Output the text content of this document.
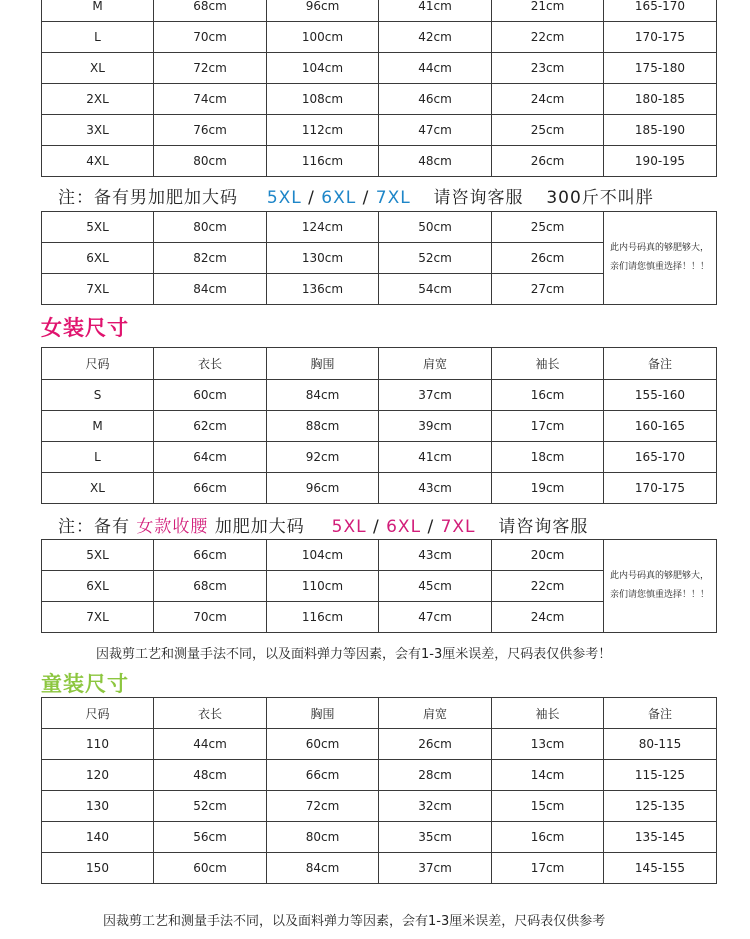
M	68cm	96cm	41cm	21cm	165-170
L	70cm	100cm	42cm	22cm	170-175
XL	72cm	104cm	44cm	23cm	175-180
2XL	74cm	108cm	46cm	24cm	180-185
3XL	76cm	112cm	47cm	25cm	185-190
4XL	80cm	116cm	48cm	26cm	190-195
注：备有男加肥加大码 5XL / 6XL / 7XL 请咨询客服 300斤不叫胖
5XL	80cm	124cm	50cm	25cm	此内号码真的够肥够大，亲们请您慎重选择！！！
6XL	82cm	130cm	52cm	26cm	
7XL	84cm	136cm	54cm	27cm	
女装尺寸
尺码	衣长	胸围	肩宽	袖长	备注
S	60cm	84cm	37cm	16cm	155-160
M	62cm	88cm	39cm	17cm	160-165
L	64cm	92cm	41cm	18cm	165-170
XL	66cm	96cm	43cm	19cm	170-175
注：备有 女款收腰 加肥加大码 5XL / 6XL / 7XL 请咨询客服
5XL	66cm	104cm	43cm	20cm	此内号码真的够肥够大，亲们请您慎重选择！！！
6XL	68cm	110cm	45cm	22cm	
7XL	70cm	116cm	47cm	24cm	
因裁剪工艺和测量手法不同，以及面料弹力等因素，会有1-3厘米误差，尺码表仅供参考！
童装尺寸
尺码	衣长	胸围	肩宽	袖长	备注
110	44cm	60cm	26cm	13cm	80-115
120	48cm	66cm	28cm	14cm	115-125
130	52cm	72cm	32cm	15cm	125-135
140	56cm	80cm	35cm	16cm	135-145
150	60cm	84cm	37cm	17cm	145-155
因裁剪工艺和测量手法不同，以及面料弹力等因素，会有1-3厘米误差，尺码表仅供参考
